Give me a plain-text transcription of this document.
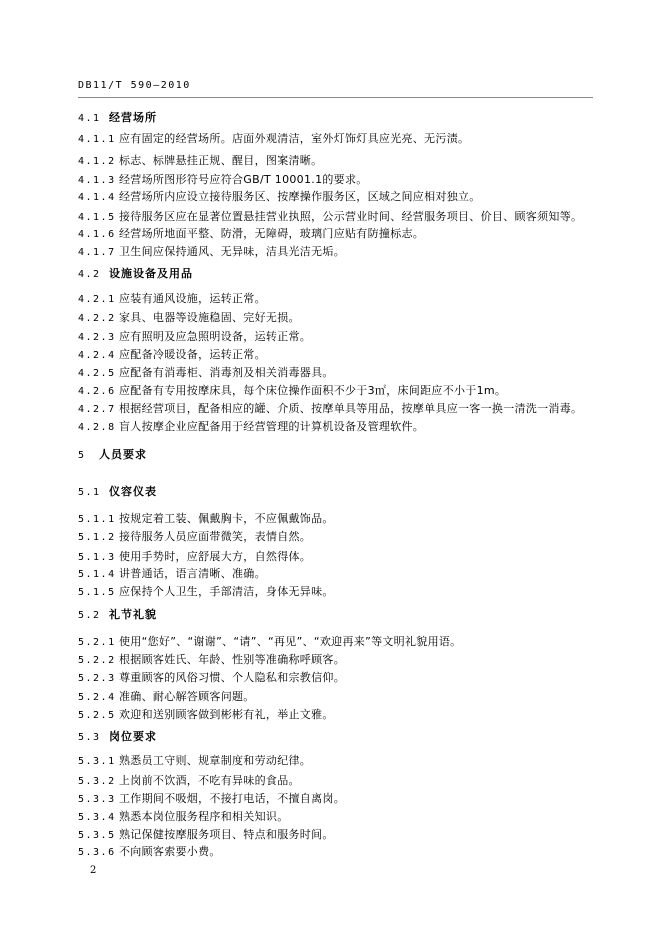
DB11/T 590—2010
4.1 经营场所
4.1.1 应有固定的经营场所。店面外观清洁，室外灯饰灯具应光亮、无污渍。
4.1.2 标志、标牌悬挂正规、醒目，图案清晰。
4.1.3 经营场所图形符号应符合GB/T 10001.1的要求。
4.1.4 经营场所内应设立接待服务区、按摩操作服务区，区域之间应相对独立。
4.1.5 接待服务区应在显著位置悬挂营业执照，公示营业时间、经营服务项目、价目、顾客须知等。
4.1.6 经营场所地面平整、防滑，无障碍，玻璃门应贴有防撞标志。
4.1.7 卫生间应保持通风、无异味，洁具光洁无垢。
4.2 设施设备及用品
4.2.1 应装有通风设施，运转正常。
4.2.2 家具、电器等设施稳固、完好无损。
4.2.3 应有照明及应急照明设备，运转正常。
4.2.4 应配备冷暖设备，运转正常。
4.2.5 应配备有消毒柜、消毒剂及相关消毒器具。
4.2.6 应配备有专用按摩床具，每个床位操作面积不少于3㎡，床间距应不小于1m。
4.2.7 根据经营项目，配备相应的罐、介质、按摩单具等用品，按摩单具应一客一换一清洗一消毒。
4.2.8 盲人按摩企业应配备用于经营管理的计算机设备及管理软件。
5	人员要求
5.1 仪容仪表
5.1.1 按规定着工装、佩戴胸卡，不应佩戴饰品。
5.1.2 接待服务人员应面带微笑，表情自然。
5.1.3 使用手势时，应舒展大方，自然得体。
5.1.4 讲普通话，语言清晰、准确。
5.1.5 应保持个人卫生，手部清洁，身体无异味。
5.2 礼节礼貌
5.2.1 使用“您好”、“谢谢”、“请”、“再见”、“欢迎再来”等文明礼貌用语。
5.2.2 根据顾客姓氏、年龄、性别等准确称呼顾客。
5.2.3 尊重顾客的风俗习惯、个人隐私和宗教信仰。
5.2.4 准确、耐心解答顾客问题。
5.2.5 欢迎和送别顾客做到彬彬有礼，举止文雅。
5.3 岗位要求
5.3.1 熟悉员工守则、规章制度和劳动纪律。
5.3.2 上岗前不饮酒，不吃有异味的食品。
5.3.3 工作期间不吸烟，不接打电话，不擅自离岗。
5.3.4 熟悉本岗位服务程序和相关知识。
5.3.5 熟记保健按摩服务项目、特点和服务时间。
5.3.6 不向顾客索要小费。
2
